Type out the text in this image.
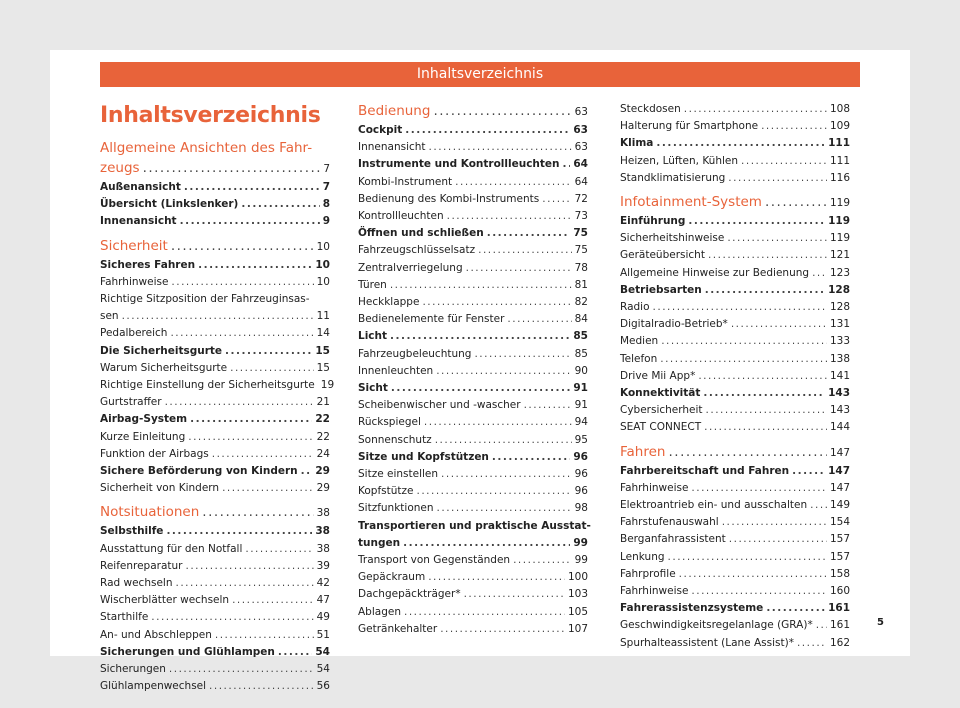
Inhaltsverzeichnis
Inhaltsverzeichnis
Allgemeine Ansichten des Fahr-
zeugs .....	7
Außenansicht .....	7
Übersicht (Linkslenker) .....	8
Innenansicht .....	9
Sicherheit .....	10
Sicheres Fahren .....	10
Fahrhinweise .....	10
Richtige Sitzposition der Fahrzeuginsas-
sen .....	11
Pedalbereich .....	14
Die Sicherheitsgurte .....	15
Warum Sicherheitsgurte .....	15
Richtige Einstellung der Sicherheitsgurte 19
Gurtstraffer .....	21
Airbag-System .....	22
Kurze Einleitung .....	22
Funktion der Airbags .....	24
Sichere Beförderung von Kindern ..... 29
Sicherheit von Kindern .....	29
Notsituationen .....	38
Selbsthilfe .....	38
Ausstattung für den Notfall .....	38
Reifenreparatur .....	39
Rad wechseln .....	42
Wischerblätter wechseln .....	47
Starthilfe .....	49
An- und Abschleppen .....	51
Sicherungen und Glühlampen .....	54
Sicherungen .....	54
Glühlampenwechsel .....	56
Bedienung .....	63
Cockpit .....	63
Innenansicht .....	63
Instrumente und Kontrollleuchten ..... 64
Kombi-Instrument .....	64
Bedienung des Kombi-Instruments .....	72
Kontrollleuchten .....	73
Öffnen und schließen .....	75
Fahrzeugschlüsselsatz .....	75
Zentralverriegelung .....	78
Türen .....	81
Heckklappe .....	82
Bedienelemente für Fenster .....	84
Licht .....	85
Fahrzeugbeleuchtung .....	85
Innenleuchten .....	90
Sicht .....	91
Scheibenwischer und -wascher .....	91
Rückspiegel .....	94
Sonnenschutz .....	95
Sitze und Kopfstützen .....	96
Sitze einstellen .....	96
Kopfstütze .....	96
Sitzfunktionen .....	98
Transportieren und praktische Ausstat-
tungen .....	99
Transport von Gegenständen .....	99
Gepäckraum .....	100
Dachgepäckträger* .....	103
Ablagen .....	105
Getränkehalter .....	107
Steckdosen .....	108
Halterung für Smartphone .....	109
Klima .....	111
Heizen, Lüften, Kühlen .....	111
Standklimatisierung .....	116
Infotainment-System .....	119
Einführung .....	119
Sicherheitshinweise .....	119
Geräteübersicht .....	121
Allgemeine Hinweise zur Bedienung ..... 123
Betriebsarten .....	128
Radio .....	128
Digitalradio-Betrieb* .....	131
Medien .....	133
Telefon .....	138
Drive Mii App* .....	141
Konnektivität .....	143
Cybersicherheit .....	143
SEAT CONNECT .....	144
Fahren .....	147
Fahrbereitschaft und Fahren .....	147
Fahrhinweise .....	147
Elektroantrieb ein- und ausschalten ..... 149
Fahrstufenauswahl .....	154
Berganfahrassistent .....	157
Lenkung .....	157
Fahrprofile .....	158
Fahrhinweise .....	160
Fahrerassistenzsysteme .....	161
Geschwindigkeitsregelanlage (GRA)* ..... 161
Spurhalteassistent (Lane Assist)* .....	162
5
